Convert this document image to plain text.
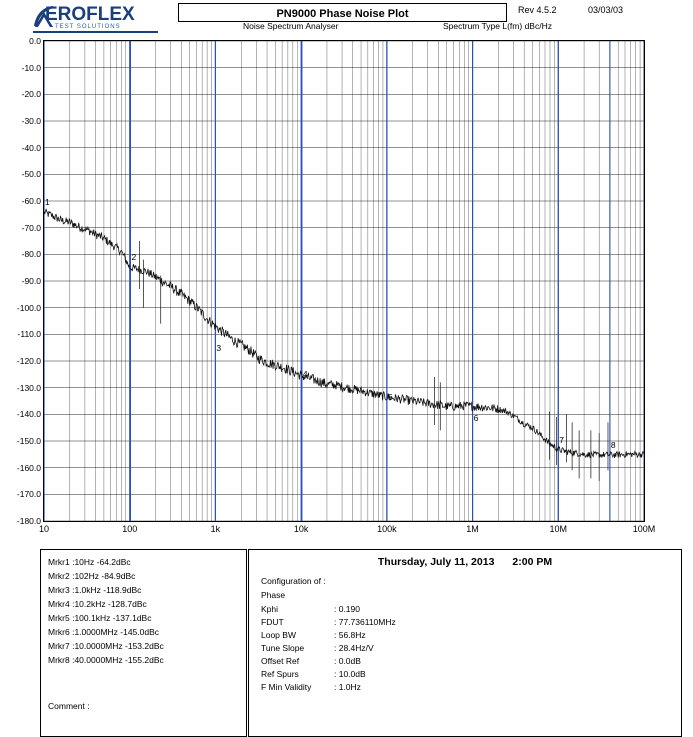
EROFLEX
TEST SOLUTIONS
PN9000 Phase Noise Plot	Rev 4.5.2	03/03/03
Noise Spectrum Analyser	Spectrum Type L(fm) dBc/Hz
0.0
-10.0
-20.0
-30.0
-40.0
-50.0
-60.0
-70.0
-80.0
-90.0
-100.0
-110.0
-120.0
-130.0
-140.0
-150.0
-160.0
-170.0
-180.0
10	100	1k	10k	100k	1M	10M	100M
Mrkr1 :10Hz -64.2dBc
Mrkr2 :102Hz -84.9dBc
Mrkr3 :1.0kHz -118.9dBc
Mrkr4 :10.2kHz -128.7dBc
Mrkr5 :100.1kHz -137.1dBc
Mrkr6 :1.0000MHz -145.0dBc
Mrkr7 :10.0000MHz -153.2dBc
Mrkr8 :40.0000MHz -155.2dBc
Comment :
Thursday, July 11, 2013 2:00 PM
Configuration of :
Phase
Kphi	: 0.190
FDUT	: 77.736110MHz
Loop BW	: 56.8Hz
Tune Slope	: 28.4Hz/V
Offset Ref	: 0.0dB
Ref Spurs	: 10.0dB
F Min Validity	: 1.0Hz
1
2
3
4
5
6
7
8
